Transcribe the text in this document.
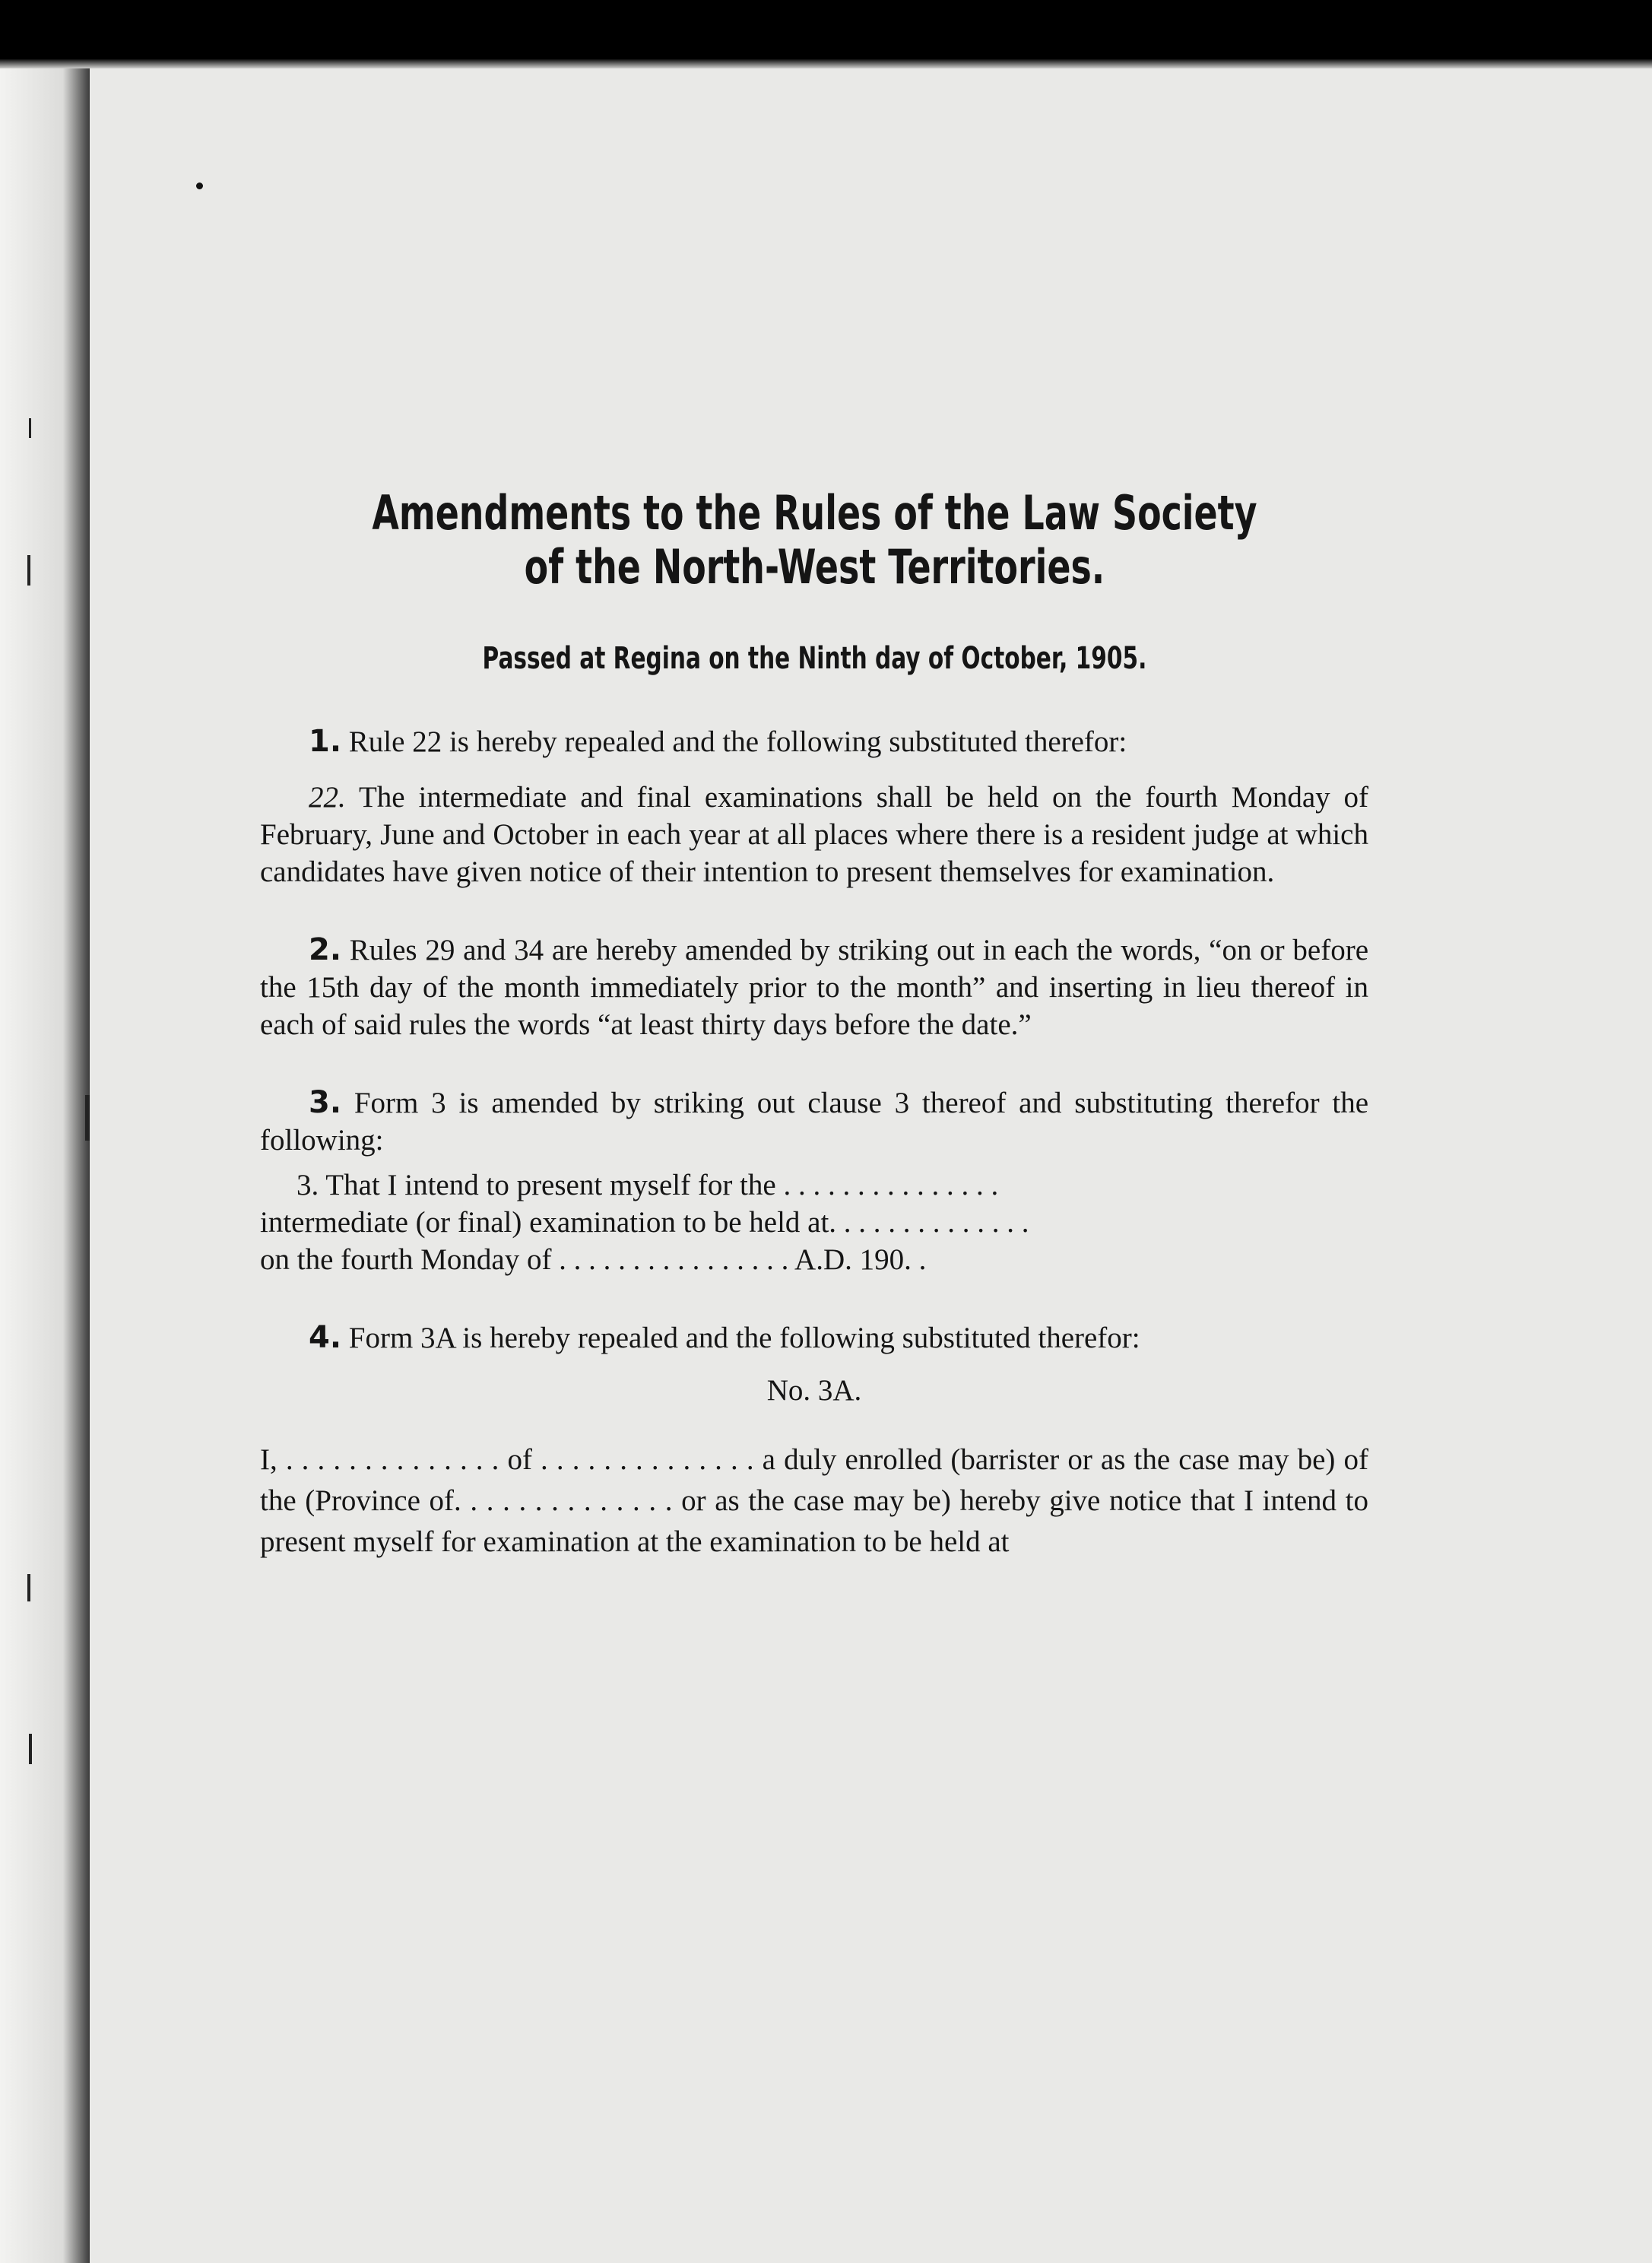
Amendments to the Rules of the Law Society
of the North-West Territories.
Passed at Regina on the Ninth day of October, 1905.

1. Rule 22 is hereby repealed and the following substituted therefor:

22. The intermediate and final examinations shall be held on the fourth Monday of February, June and October in each year at all places where there is a resident judge at which candidates have given notice of their intention to present themselves for examination.

2. Rules 29 and 34 are hereby amended by striking out in each the words, “on or before the 15th day of the month immediately prior to the month” and inserting in lieu thereof in each of said rules the words “at least thirty days before the date.”

3. Form 3 is amended by striking out clause 3 thereof and substituting therefor the following:

3. That I intend to present myself for the . . . . . . . . . . . . . . .

intermediate (or final) examination to be held at. . . . . . . . . . . . . .

on the fourth Monday of . . . . . . . . . . . . . . . . A.D. 190. .

4. Form 3A is hereby repealed and the following substituted therefor:

No. 3A.

I, . . . . . . . . . . . . . . of . . . . . . . . . . . . . . a duly enrolled (barrister or as the case may be) of the (Province of. . . . . . . . . . . . . . or as the case may be) hereby give notice that I intend to present myself for examination at the examination to be held at
